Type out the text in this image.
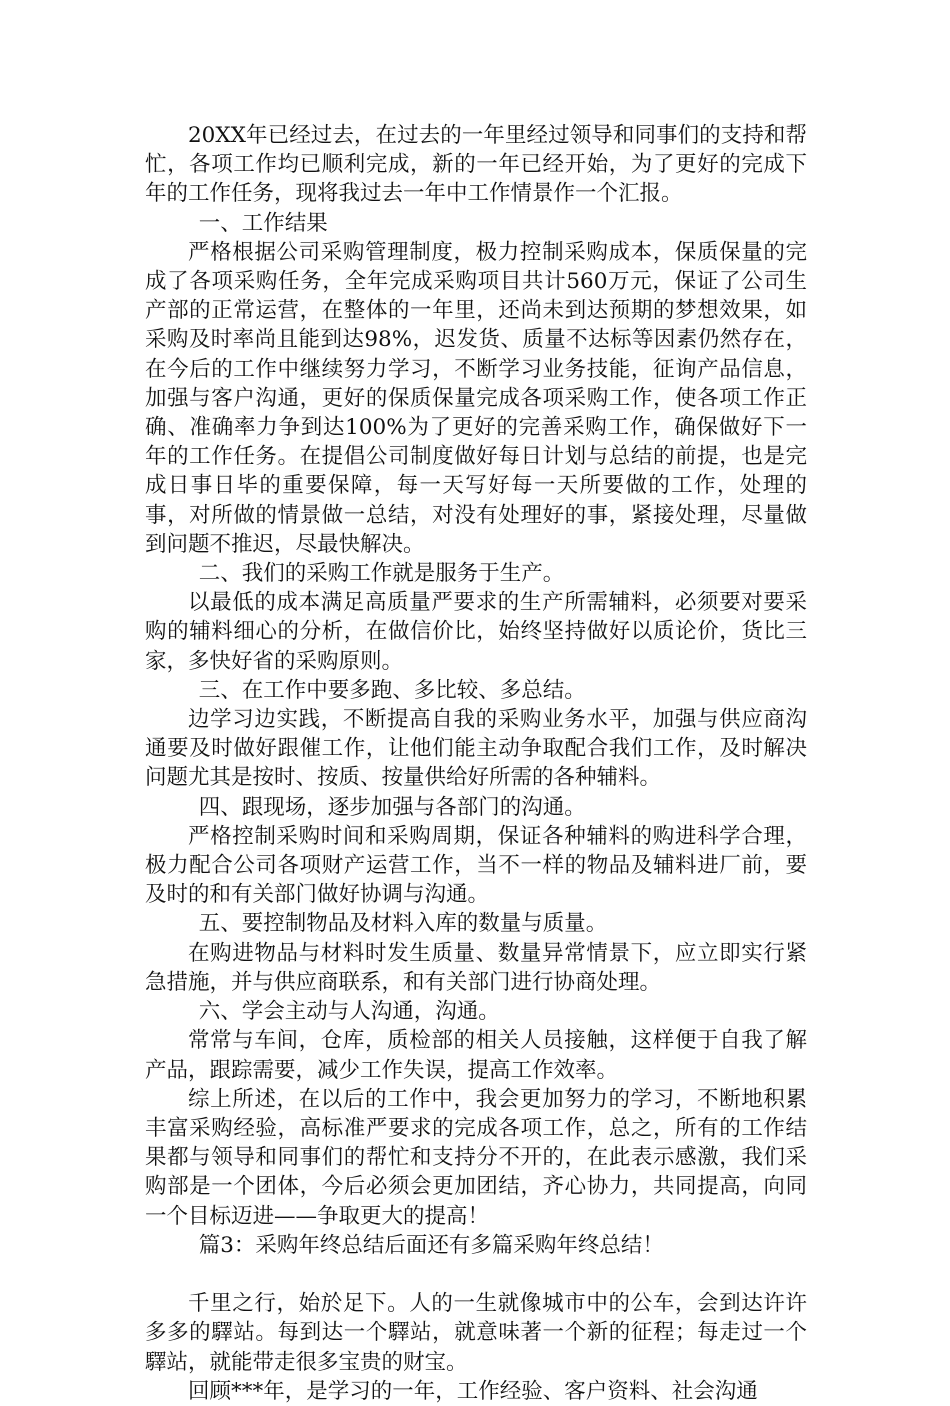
20XX年已经过去，在过去的一年里经过领导和同事们的支持和帮忙，各项工作均已顺利完成，新的一年已经开始，为了更好的完成下年的工作任务，现将我过去一年中工作情景作一个汇报。

一、工作结果

严格根据公司采购管理制度，极力控制采购成本，保质保量的完成了各项采购任务，全年完成采购项目共计560万元，保证了公司生产部的正常运营，在整体的一年里，还尚未到达预期的梦想效果，如采购及时率尚且能到达98%，迟发货、质量不达标等因素仍然存在，在今后的工作中继续努力学习，不断学习业务技能，征询产品信息，加强与客户沟通，更好的保质保量完成各项采购工作，使各项工作正确、准确率力争到达100%为了更好的完善采购工作，确保做好下一年的工作任务。在提倡公司制度做好每日计划与总结的前提，也是完成日事日毕的重要保障，每一天写好每一天所要做的工作，处理的事，对所做的情景做一总结，对没有处理好的事，紧接处理，尽量做到问题不推迟，尽最快解决。

二、我们的采购工作就是服务于生产。

以最低的成本满足高质量严要求的生产所需辅料，必须要对要采购的辅料细心的分析，在做信价比，始终坚持做好以质论价，货比三家，多快好省的采购原则。

三、在工作中要多跑、多比较、多总结。

边学习边实践，不断提高自我的采购业务水平，加强与供应商沟通要及时做好跟催工作，让他们能主动争取配合我们工作，及时解决问题尤其是按时、按质、按量供给好所需的各种辅料。

四、跟现场，逐步加强与各部门的沟通。

严格控制采购时间和采购周期，保证各种辅料的购进科学合理，极力配合公司各项财产运营工作，当不一样的物品及辅料进厂前，要及时的和有关部门做好协调与沟通。

五、要控制物品及材料入库的数量与质量。

在购进物品与材料时发生质量、数量异常情景下，应立即实行紧急措施，并与供应商联系，和有关部门进行协商处理。

六、学会主动与人沟通，沟通。

常常与车间，仓库，质检部的相关人员接触，这样便于自我了解产品，跟踪需要，减少工作失误，提高工作效率。

综上所述，在以后的工作中，我会更加努力的学习，不断地积累丰富采购经验，高标准严要求的完成各项工作，总之，所有的工作结果都与领导和同事们的帮忙和支持分不开的，在此表示感激，我们采购部是一个团体，今后必须会更加团结，齐心协力，共同提高，向同一个目标迈进——争取更大的提高！

篇3：采购年终总结后面还有多篇采购年终总结！

千里之行，始於足下。人的一生就像城市中的公车，会到达许许多多的驛站。每到达一个驛站，就意味著一个新的征程；每走过一个驛站，就能带走很多宝贵的财宝。

回顾***年，是学习的一年，工作经验、客户资料、社会沟通
